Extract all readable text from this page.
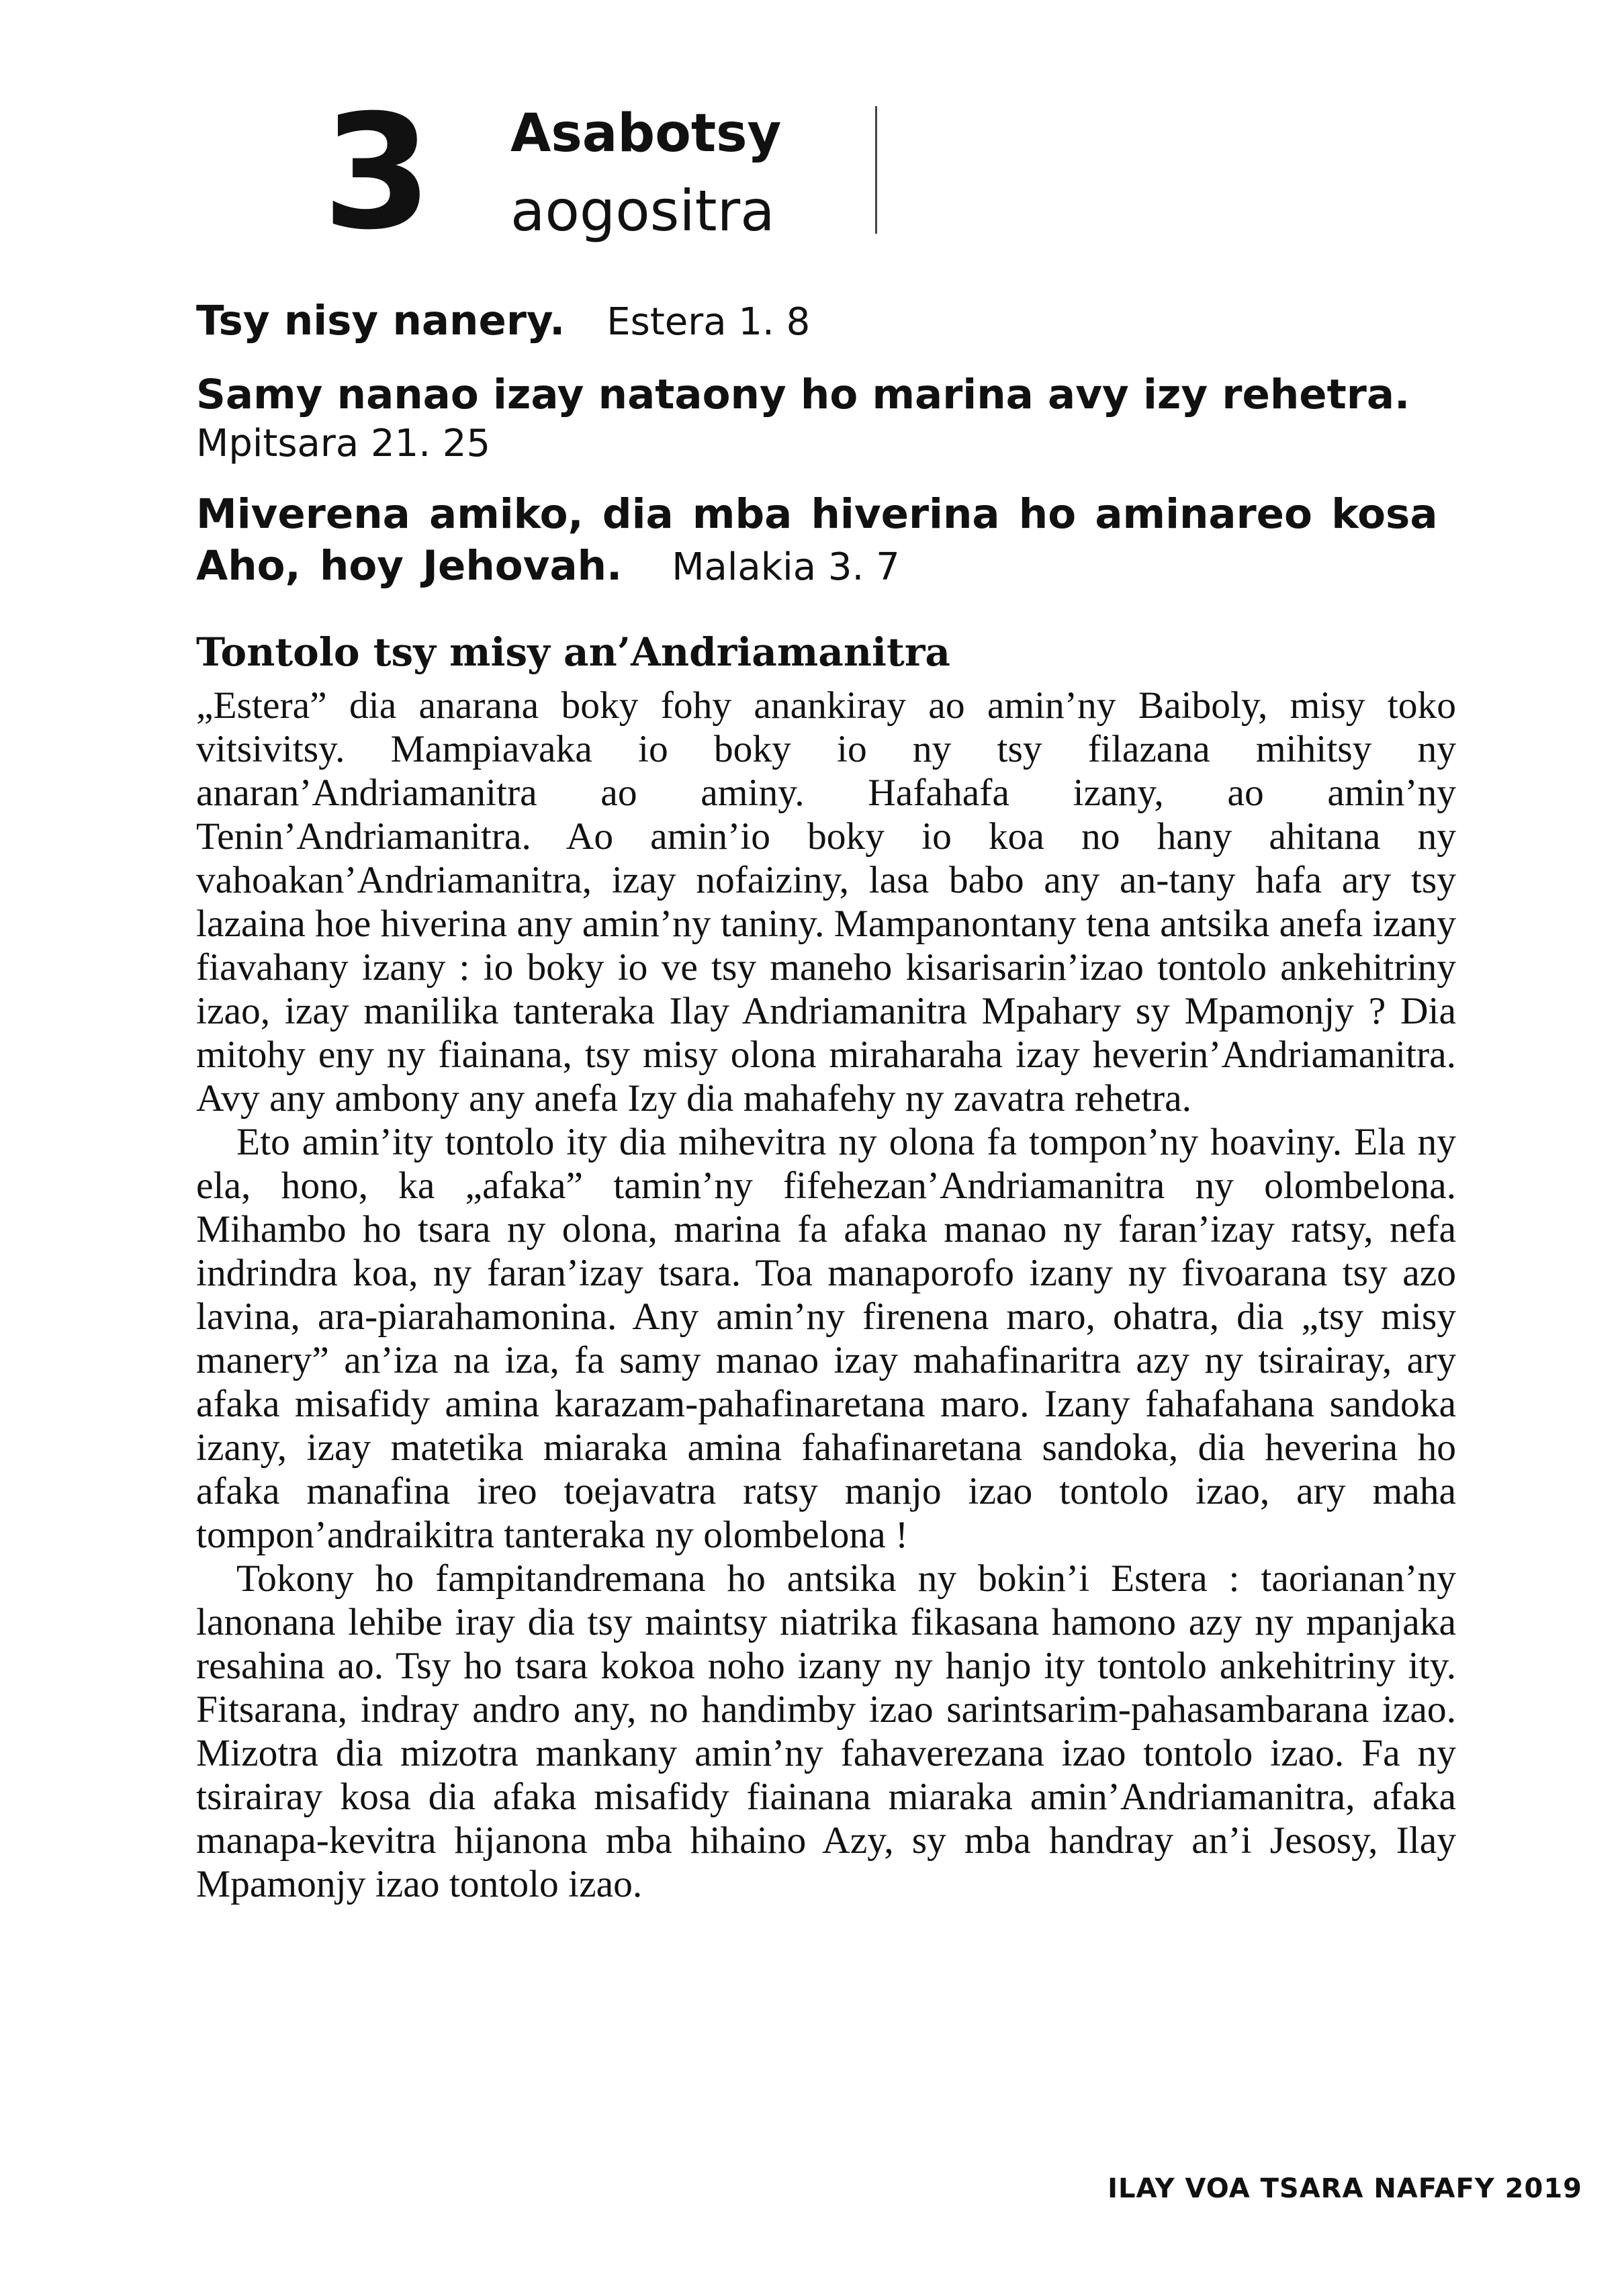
3 Asabotsy
aogositra

Tsy nisy nanery. Estera 1. 8

Samy nanao izay nataony ho marina avy izy rehetra.
Mpitsara 21. 25

Miverena amiko, dia mba hiverina ho aminareo kosa Aho, hoy Jehovah. Malakia 3. 7

Tontolo tsy misy an’Andriamanitra

„Estera” dia anarana boky fohy anankiray ao amin’ny Baiboly, misy toko vitsivitsy. Mampiavaka io boky io ny tsy filazana mihitsy ny anaran’Andriamanitra ao aminy. Hafahafa izany, ao amin’ny Tenin’Andriamanitra. Ao amin’io boky io koa no hany ahitana ny vahoakan’Andriamanitra, izay nofaiziny, lasa babo any an-tany hafa ary tsy lazaina hoe hiverina any amin’ny taniny. Mampanontany tena antsika anefa izany fiavahany izany : io boky io ve tsy maneho kisarisarin’izao tontolo ankehitriny izao, izay manilika tanteraka Ilay Andriamanitra Mpahary sy Mpamonjy ? Dia mitohy eny ny fiainana, tsy misy olona miraharaha izay heverin’Andriamanitra. Avy any ambony any anefa Izy dia mahafehy ny zavatra rehetra.

Eto amin’ity tontolo ity dia mihevitra ny olona fa tompon’ny hoaviny. Ela ny ela, hono, ka „afaka” tamin’ny fifehezan’Andriamanitra ny olombelona. Mihambo ho tsara ny olona, marina fa afaka manao ny faran’izay ratsy, nefa indrindra koa, ny faran’izay tsara. Toa manaporofo izany ny fivoarana tsy azo lavina, ara-piarahamonina. Any amin’ny firenena maro, ohatra, dia „tsy misy manery” an’iza na iza, fa samy manao izay mahafinaritra azy ny tsirairay, ary afaka misafidy amina karazam-pahafinaretana maro. Izany fahafahana sandoka izany, izay matetika miaraka amina fahafinaretana sandoka, dia heverina ho afaka manafina ireo toejavatra ratsy manjo izao tontolo izao, ary maha tompon’andraikitra tanteraka ny olombelona !

Tokony ho fampitandremana ho antsika ny bokin’i Estera : taorianan’ny lanonana lehibe iray dia tsy maintsy niatrika fikasana hamono azy ny mpanjaka resahina ao. Tsy ho tsara kokoa noho izany ny hanjo ity tontolo ankehitriny ity. Fitsarana, indray andro any, no handimby izao sarintsarim-pahasambarana izao. Mizotra dia mizotra mankany amin’ny fahaverezana izao tontolo izao. Fa ny tsirairay kosa dia afaka misafidy fiainana miaraka amin’Andriamanitra, afaka manapa-kevitra hijanona mba hihaino Azy, sy mba handray an’i Jesosy, Ilay Mpamonjy izao tontolo izao.

ILAY VOA TSARA NAFAFY 2019
